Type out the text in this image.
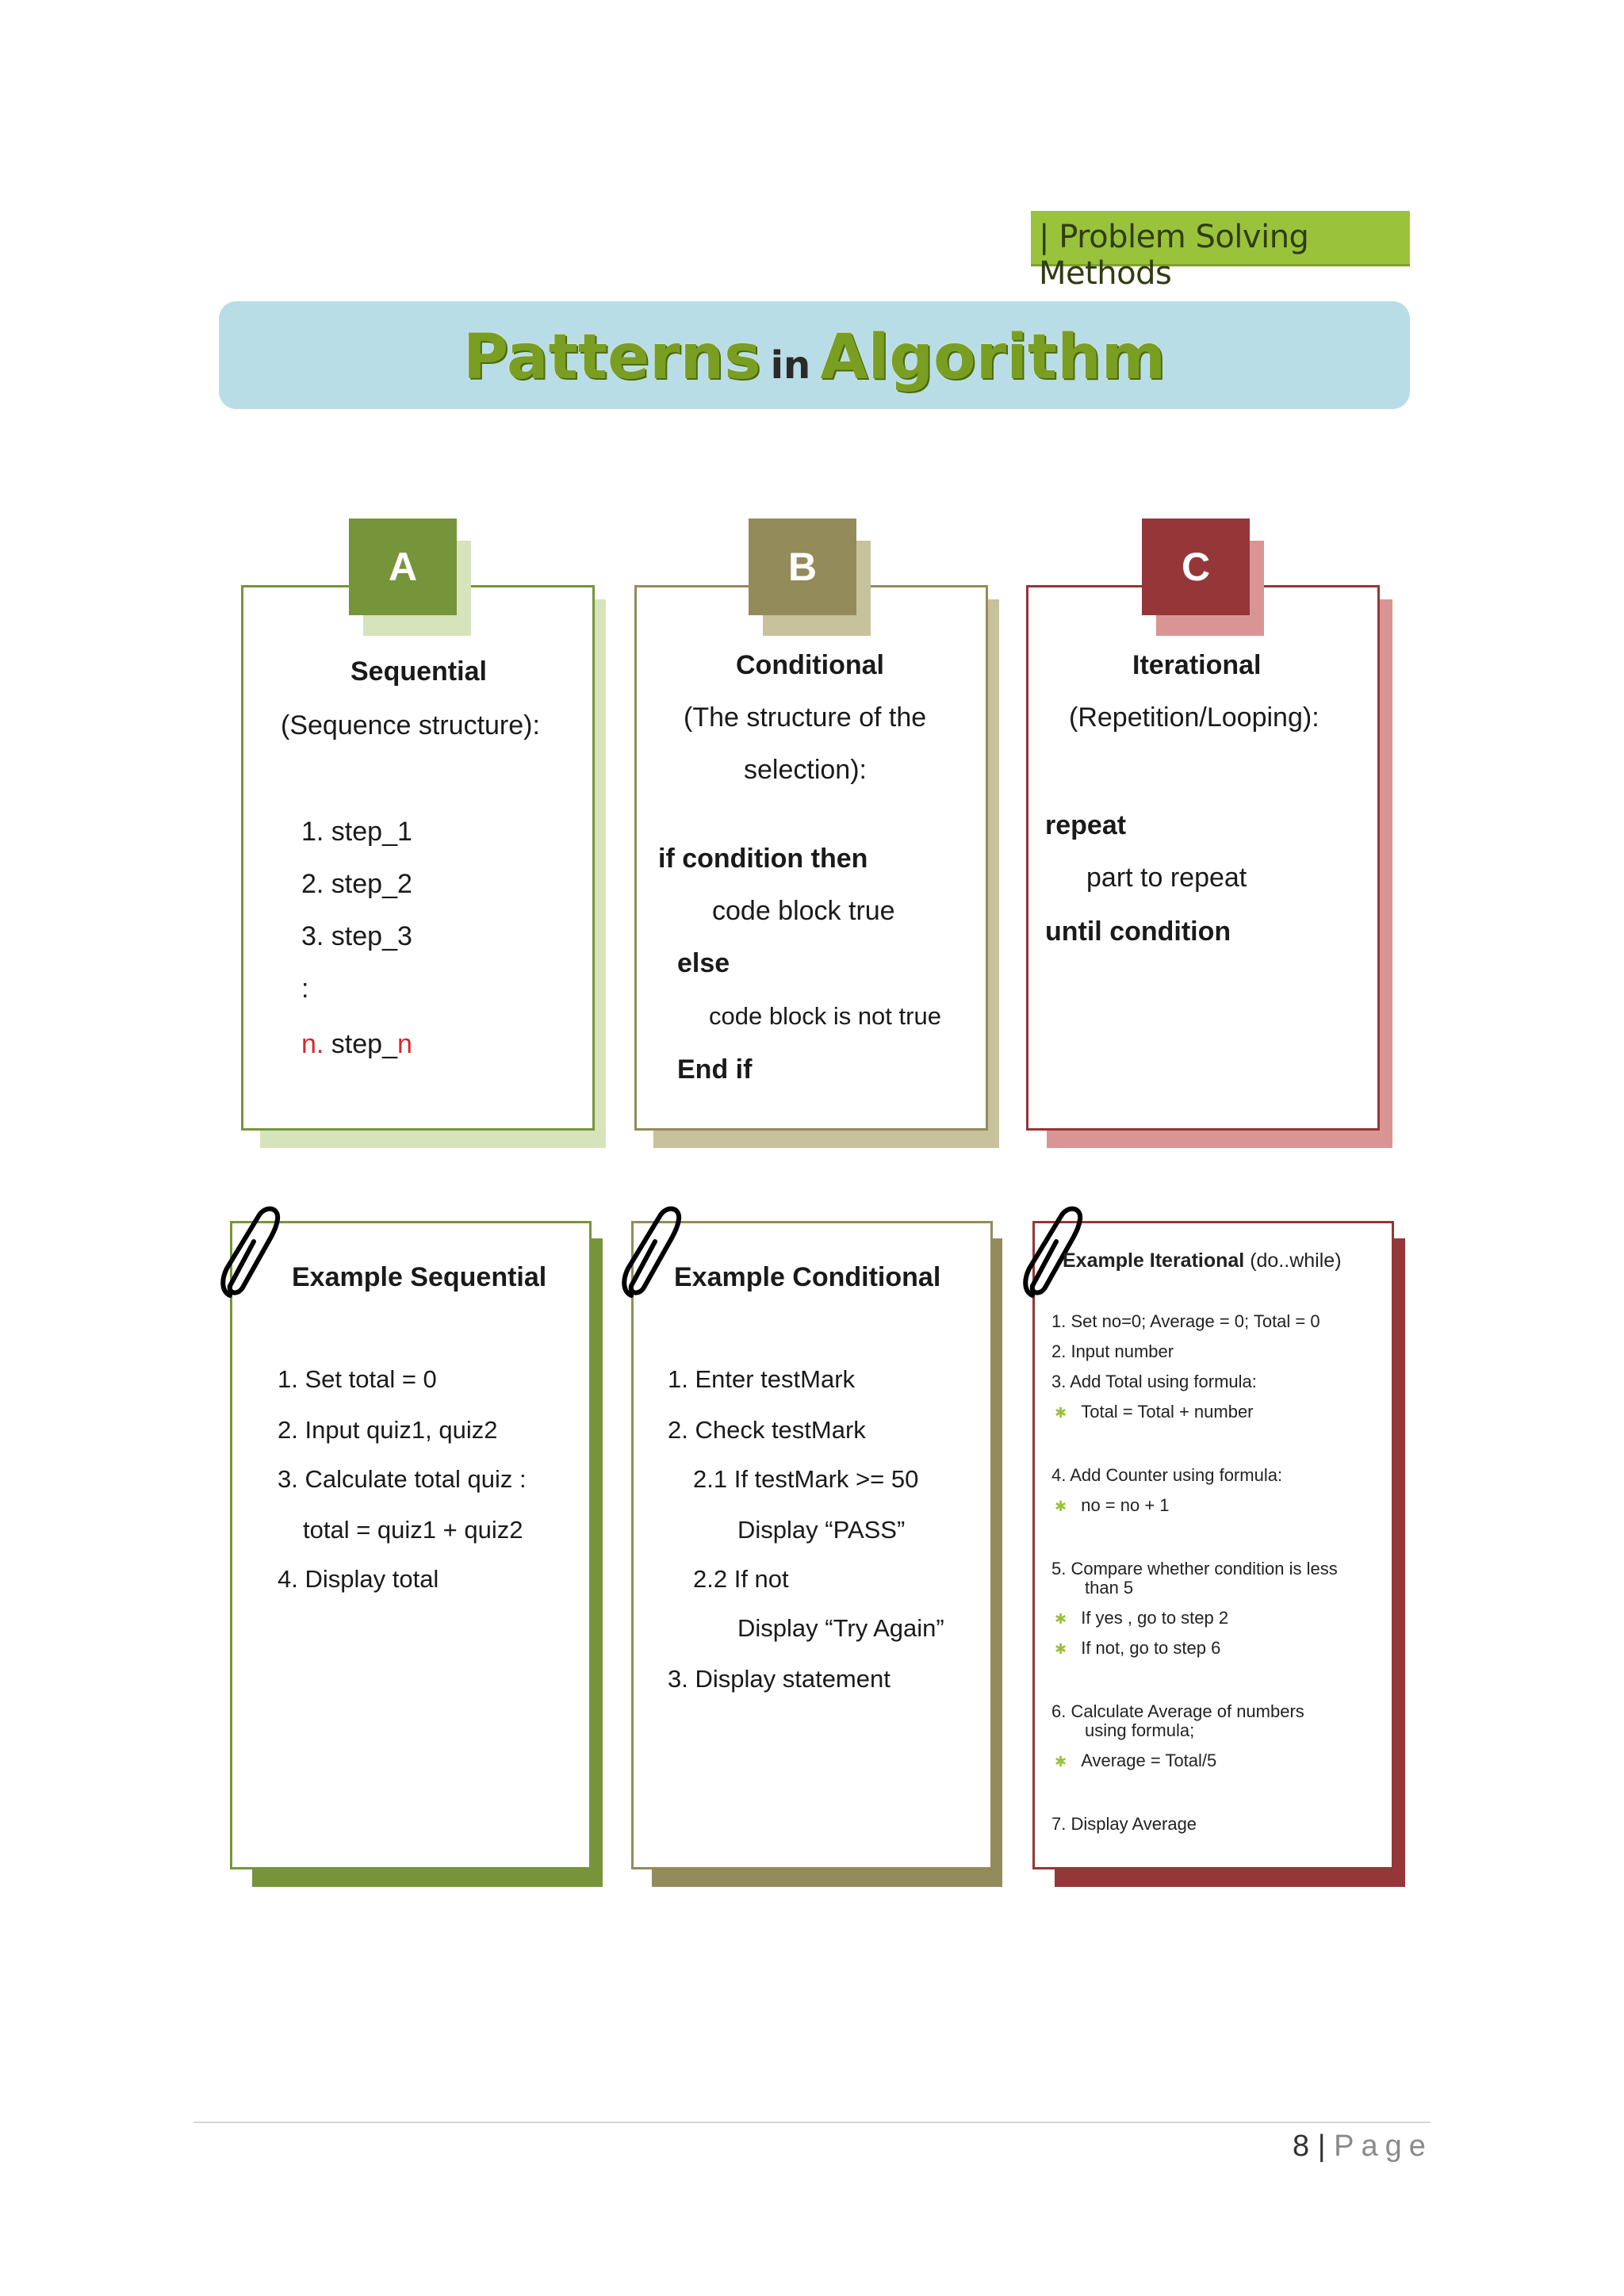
| Problem Solving Methods
Patterns in Algorithm
A
Sequential
(Sequence structure):
1. step_1
2. step_2
3. step_3
:
n. step_n
B
Conditional
(The structure of the
selection):
if condition then
code block true
else
code block is not true
End if
C
Iterational
(Repetition/Looping):
repeat
part to repeat
until condition
Example Sequential
1. Set total = 0
2. Input quiz1, quiz2
3. Calculate total quiz :
total = quiz1 + quiz2
4. Display total
Example Conditional
1. Enter testMark
2. Check testMark
2.1 If testMark >= 50
Display “PASS”
2.2 If not
Display “Try Again”
3. Display statement
Example Iterational (do..while)
1. Set no=0; Average = 0; Total = 0
2. Input number
3. Add Total using formula:
✱ Total = Total + number
4. Add Counter using formula:
✱ no = no + 1
5. Compare whether condition is less
than 5
✱ If yes , go to step 2
✱ If not, go to step 6
6. Calculate Average of numbers
using formula;
✱ Average = Total/5
7. Display Average
8 | Page
